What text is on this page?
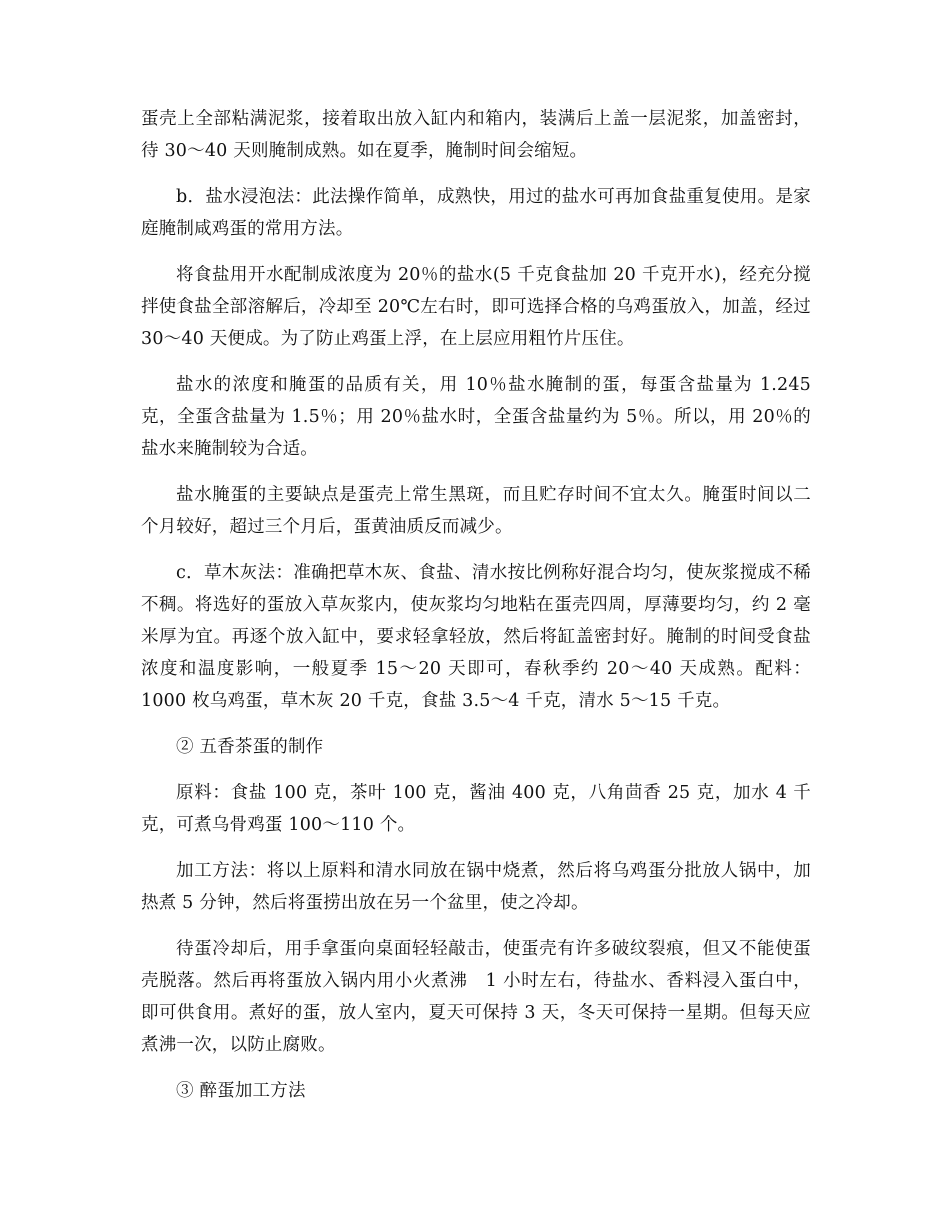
蛋壳上全部粘满泥浆，接着取出放入缸内和箱内，装满后上盖一层泥浆，加盖密封，待 30～40 天则腌制成熟。如在夏季，腌制时间会缩短。

b．盐水浸泡法：此法操作简单，成熟快，用过的盐水可再加食盐重复使用。是家庭腌制咸鸡蛋的常用方法。

将食盐用开水配制成浓度为 20％的盐水(5 千克食盐加 20 千克开水)，经充分搅拌使食盐全部溶解后，冷却至 20℃左右时，即可选择合格的乌鸡蛋放入，加盖，经过 30～40 天便成。为了防止鸡蛋上浮，在上层应用粗竹片压住。

盐水的浓度和腌蛋的品质有关，用 10％盐水腌制的蛋，每蛋含盐量为 1.245 克，全蛋含盐量为 1.5％；用 20％盐水时，全蛋含盐量约为 5％。所以，用 20％的盐水来腌制较为合适。

盐水腌蛋的主要缺点是蛋壳上常生黑斑，而且贮存时间不宜太久。腌蛋时间以二个月较好，超过三个月后，蛋黄油质反而减少。

c．草木灰法：准确把草木灰、食盐、清水按比例称好混合均匀，使灰浆搅成不稀不稠。将选好的蛋放入草灰浆内，使灰浆均匀地粘在蛋壳四周，厚薄要均匀，约 2 毫米厚为宜。再逐个放入缸中，要求轻拿轻放，然后将缸盖密封好。腌制的时间受食盐浓度和温度影响，一般夏季 15～20 天即可，春秋季约 20～40 天成熟。配料：1000 枚乌鸡蛋，草木灰 20 千克，食盐 3.5～4 千克，清水 5～15 千克。

② 五香茶蛋的制作

原料：食盐 100 克，茶叶 100 克，酱油 400 克，八角茴香 25 克，加水 4 千克，可煮乌骨鸡蛋 100～110 个。

加工方法：将以上原料和清水同放在锅中烧煮，然后将乌鸡蛋分批放人锅中，加热煮 5 分钟，然后将蛋捞出放在另一个盆里，使之冷却。

待蛋冷却后，用手拿蛋向桌面轻轻敲击，使蛋壳有许多破纹裂痕，但又不能使蛋壳脱落。然后再将蛋放入锅内用小火煮沸　1 小时左右，待盐水、香料浸入蛋白中，即可供食用。煮好的蛋，放人室内，夏天可保持 3 天，冬天可保持一星期。但每天应煮沸一次，以防止腐败。

③ 醉蛋加工方法
